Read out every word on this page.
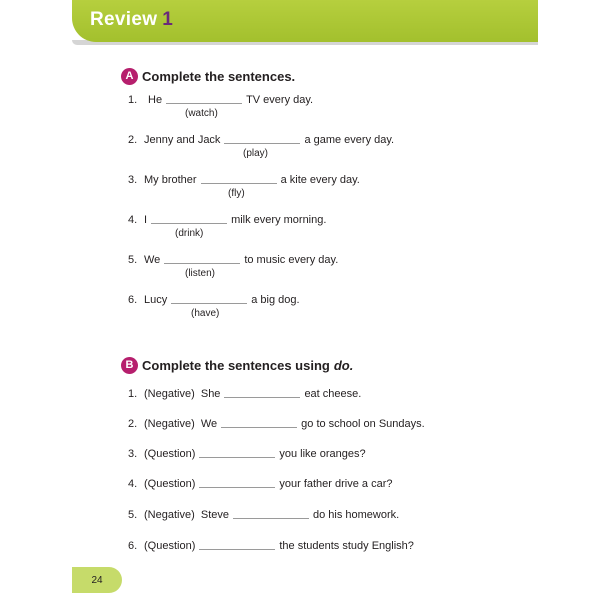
Review 1
A Complete the sentences.
1. He	TV every day.
(watch)
2. Jenny and Jack	a game every day.
(play)
3. My brother	a kite every day.
(fly)
4. I	milk every morning.
(drink)
5. We	to music every day.
(listen)
6. Lucy	a big dog.
(have)
B Complete the sentences using do.
1. (Negative)  She	eat cheese.
2. (Negative)  We	go to school on Sundays.
3. (Question)	you like oranges?
4. (Question)	your father drive a car?
5. (Negative)  Steve	do his homework.
6. (Question)	the students study English?
24
